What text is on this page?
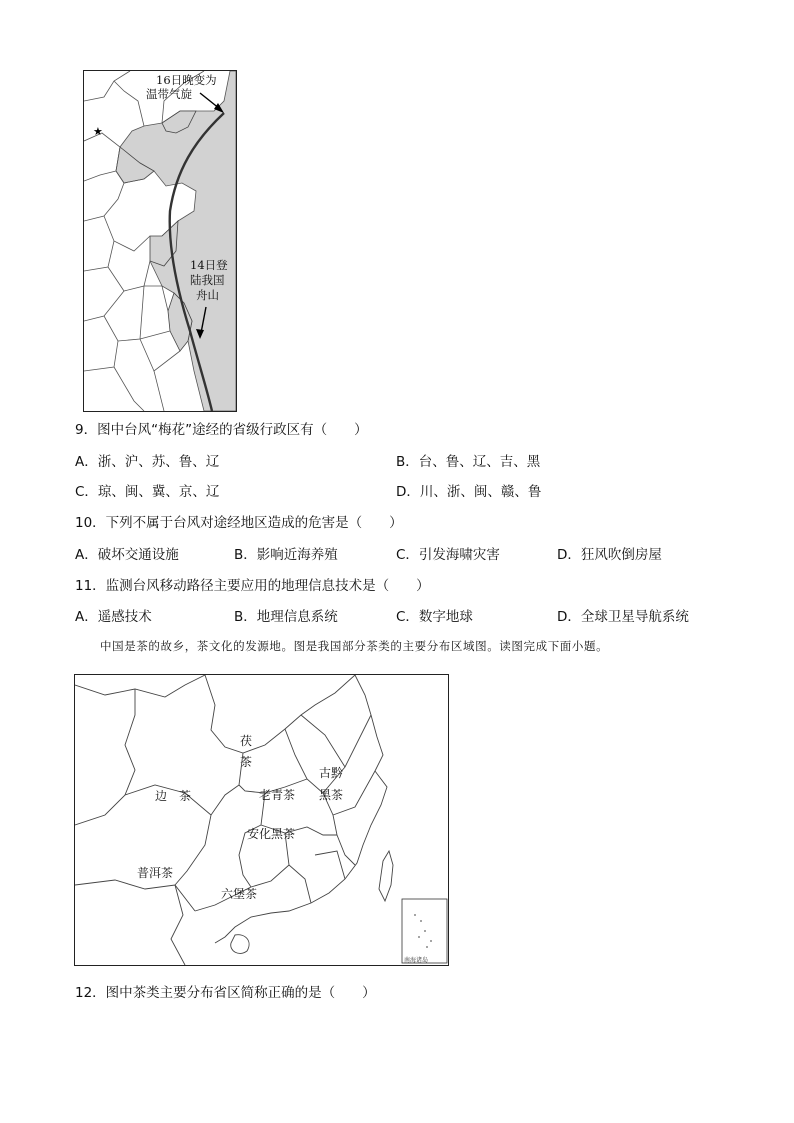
16日晚变为
温带气旋
14日登
陆我国
舟山
★
9．图中台风“梅花”途经的省级行政区有（　　）
A．浙、沪、苏、鲁、辽	B．台、鲁、辽、吉、黑
C．琼、闽、冀、京、辽	D．川、浙、闽、赣、鲁
10．下列不属于台风对途经地区造成的危害是（　　）
A．破坏交通设施	B．影响近海养殖	C．引发海啸灾害	D．狂风吹倒房屋
11．监测台风移动路径主要应用的地理信息技术是（　　）
A．遥感技术	B．地理信息系统	C．数字地球	D．全球卫星导航系统
中国是茶的故乡，茶文化的发源地。图是我国部分茶类的主要分布区域图。读图完成下面小题。
南海诸岛
茯
茶
边　茶	老青茶
古黔
黑茶
安化黑茶
普洱茶
六堡茶
12．图中茶类主要分布省区简称正确的是（　　）
